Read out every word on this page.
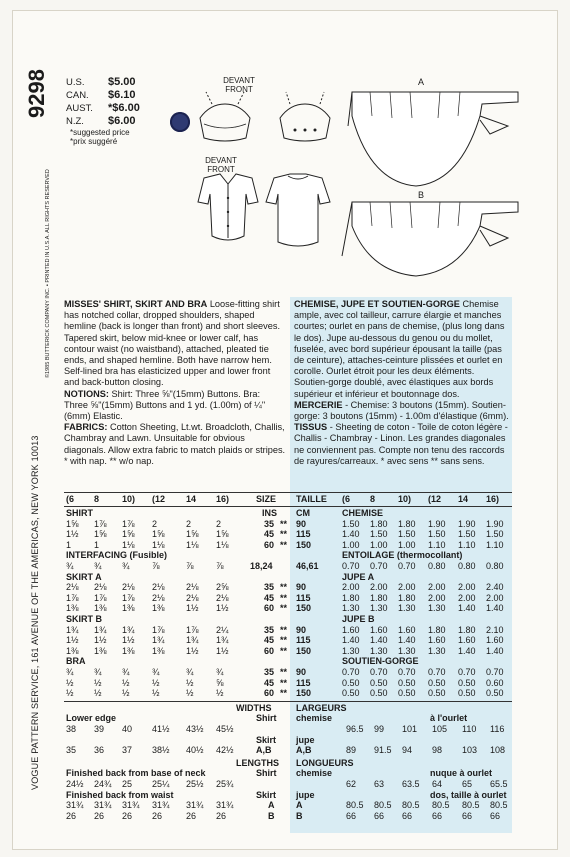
9298
VOGUE PATTERN SERVICE, 161 AVENUE OF THE AMERICAS, NEW YORK 10013
©1985 BUTTERICK COMPANY INC. • PRINTED IN U.S.A. ALL RIGHTS RESERVED
U.S.	$5.00
CAN.	$6.10
AUST.	*$6.00
N.Z.	$6.00
*suggested price
*prix suggéré
DEVANT
FRONT
DEVANT
FRONT
A
B
MISSES' SHIRT, SKIRT AND BRA Loose-fitting shirt has notched collar, dropped shoulders, shaped hemline (back is longer than front) and short sleeves. Tapered skirt, below mid-knee or lower calf, has contour waist (no waistband), attached, pleated tie ends, and shaped hemline. Both have narrow hem. Self-lined bra has elasticized upper and lower front and back-button closing.
NOTIONS: Shirt: Three ⅝"(15mm) Buttons. Bra: Three ⅝"(15mm) Buttons and 1 yd. (1.00m) of ¼"(6mm) Elastic.
FABRICS: Cotton Sheeting, Lt.wt. Broadcloth, Challis, Chambray and Lawn. Unsuitable for obvious diagonals. Allow extra fabric to match plaids or stripes. * with nap. ** w/o nap.
CHEMISE, JUPE ET SOUTIEN-GORGE Chemise ample, avec col tailleur, carrure élargie et manches courtes; ourlet en pans de chemise, (plus long dans le dos). Jupe au-dessous du genou ou du mollet, fuselée, avec bord supérieur épousant la taille (pas de ceinture), attaches-ceinture plissées et ourlet en corolle. Ourlet étroit pour les deux éléments. Soutien-gorge doublé, avec élastiques aux bords supérieur et inférieur et boutonnage dos.
MERCERIE - Chemise: 3 boutons (15mm). Soutien-gorge: 3 boutons (15mm) - 1.00m d'élastique (6mm).
TISSUS - Sheeting de coton - Toile de coton légère - Challis - Chambray - Linon. Les grandes diagonales ne conviennent pas. Compte non tenu des raccords de rayures/carreaux. * avec sens ** sans sens.
(6 8	10) (12 14 16)	SIZE TAILLE (6 8	10) (12 14 16)
SHIRT	INS CM	CHEMISE
1⅝ 1⅞ 1⅞ 2	2	2	35 ** 90	1.50 1.80 1.80 1.90 1.90 1.90
1½ 1⅝ 1⅝ 1⅝ 1⅝ 1⅝	45 ** 115	1.40 1.50 1.50 1.50 1.50 1.50
1	1	1⅛ 1⅛ 1⅛ 1⅛	60 ** 150	1.00 1.00 1.00 1.10 1.10 1.10
INTERFACING (Fusible)	ENTOILAGE (thermocollant)
¾ ¾ ¾ ⅞	⅞ ⅞	18,24	46,61	0.70 0.70 0.70 0.80 0.80 0.80
SKIRT A	JUPE A
2⅛ 2⅛ 2⅛ 2⅛ 2⅛ 2⅝	35 ** 90	2.00 2.00 2.00 2.00 2.00 2.40
1⅞ 1⅞ 1⅞ 2⅛ 2⅛ 2⅛	45 ** 115	1.80 1.80 1.80 2.00 2.00 2.00
1⅜ 1⅜ 1⅜ 1⅜ 1½ 1½	60 ** 150	1.30 1.30 1.30 1.30 1.40 1.40
SKIRT B	JUPE B
1¾ 1¾ 1¾ 1⅞ 1⅞ 2¼	35 ** 90	1.60 1.60 1.60 1.80 1.80 2.10
1½ 1½ 1½ 1¾ 1¾ 1¾	45 ** 115	1.40 1.40 1.40 1.60 1.60 1.60
1⅜ 1⅜ 1⅜ 1⅜ 1½ 1½	60 ** 150	1.30 1.30 1.30 1.30 1.40 1.40
BRA	SOUTIEN-GORGE
¾ ¾ ¾ ¾	¾ ¾	35 ** 90	0.70 0.70 0.70 0.70 0.70 0.70
½ ½ ½ ½	½ ⅝	45 ** 115	0.50 0.50 0.50 0.50 0.50 0.60
½ ½ ½ ½	½ ½	60 ** 150	0.50 0.50 0.50 0.50 0.50 0.50
WIDTHS	LARGEURS
Lower edge	Shirt chemise	à l'ourlet
38 39 40 41½ 43½ 45½	96.5 99 101 105 110 116
Skirt jupe
35 36 37 38½ 40½ 42½ A,B	A,B	89 91.5 94 98 103 108
LENGTHS LONGUEURS
Finished back from base of neck	Shirt chemise	nuque à ourlet
24½ 24¾ 25 25¼ 25½ 25¾	62 63 63.5 64 65 65.5
Finished back from waist	Skirt jupe	dos, taille à ourlet
31¾ 31¾ 31¾ 31¾ 31¾ 31¾	A A	80.5 80.5 80.5 80.5 80.5 80.5
26 26 26 26	26 26	B B	66 66 66 66 66 66
